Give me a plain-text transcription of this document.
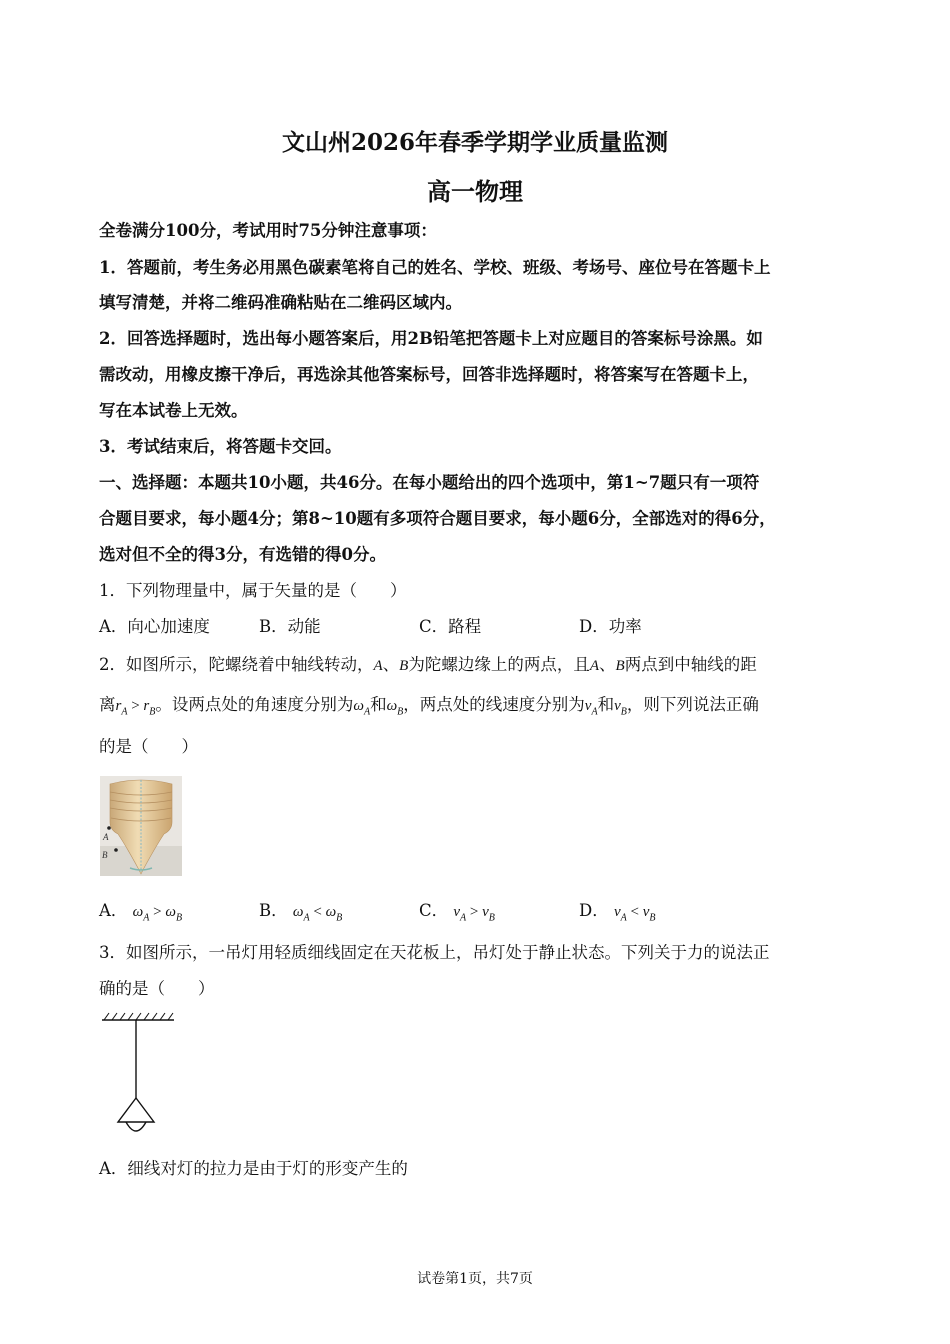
文山州2026年春季学期学业质量监测
高一物理
全卷满分100分，考试用时75分钟注意事项：
1．答题前，考生务必用黑色碳素笔将自己的姓名、学校、班级、考场号、座位号在答题卡上
填写清楚，并将二维码准确粘贴在二维码区域内。
2．回答选择题时，选出每小题答案后，用2B铅笔把答题卡上对应题目的答案标号涂黑。如
需改动，用橡皮擦干净后，再选涂其他答案标号，回答非选择题时，将答案写在答题卡上，
写在本试卷上无效。
3．考试结束后，将答题卡交回。
一、选择题：本题共10小题，共46分。在每小题给出的四个选项中，第1~7题只有一项符
合题目要求，每小题4分；第8~10题有多项符合题目要求，每小题6分，全部选对的得6分，
选对但不全的得3分，有选错的得0分。
1．下列物理量中，属于矢量的是（　　）
A．向心加速度	B．动能	C．路程	D．功率
2．如图所示，陀螺绕着中轴线转动，A、B为陀螺边缘上的两点，且A、B两点到中轴线的距
离$r_A > r_B$。设两点处的角速度分别为$\omega_A$和$\omega_B$，两点处的线速度分别为$v_A$和$v_B$，则下列说法正确
的是（　　）
A
B
A． $\omega_A > \omega_B$	B． $\omega_A < \omega_B$	C． $v_A > v_B$	D． $v_A < v_B$
3．如图所示，一吊灯用轻质细线固定在天花板上，吊灯处于静止状态。下列关于力的说法正
确的是（　　）
A．细线对灯的拉力是由于灯的形变产生的
试卷第1页，共7页
